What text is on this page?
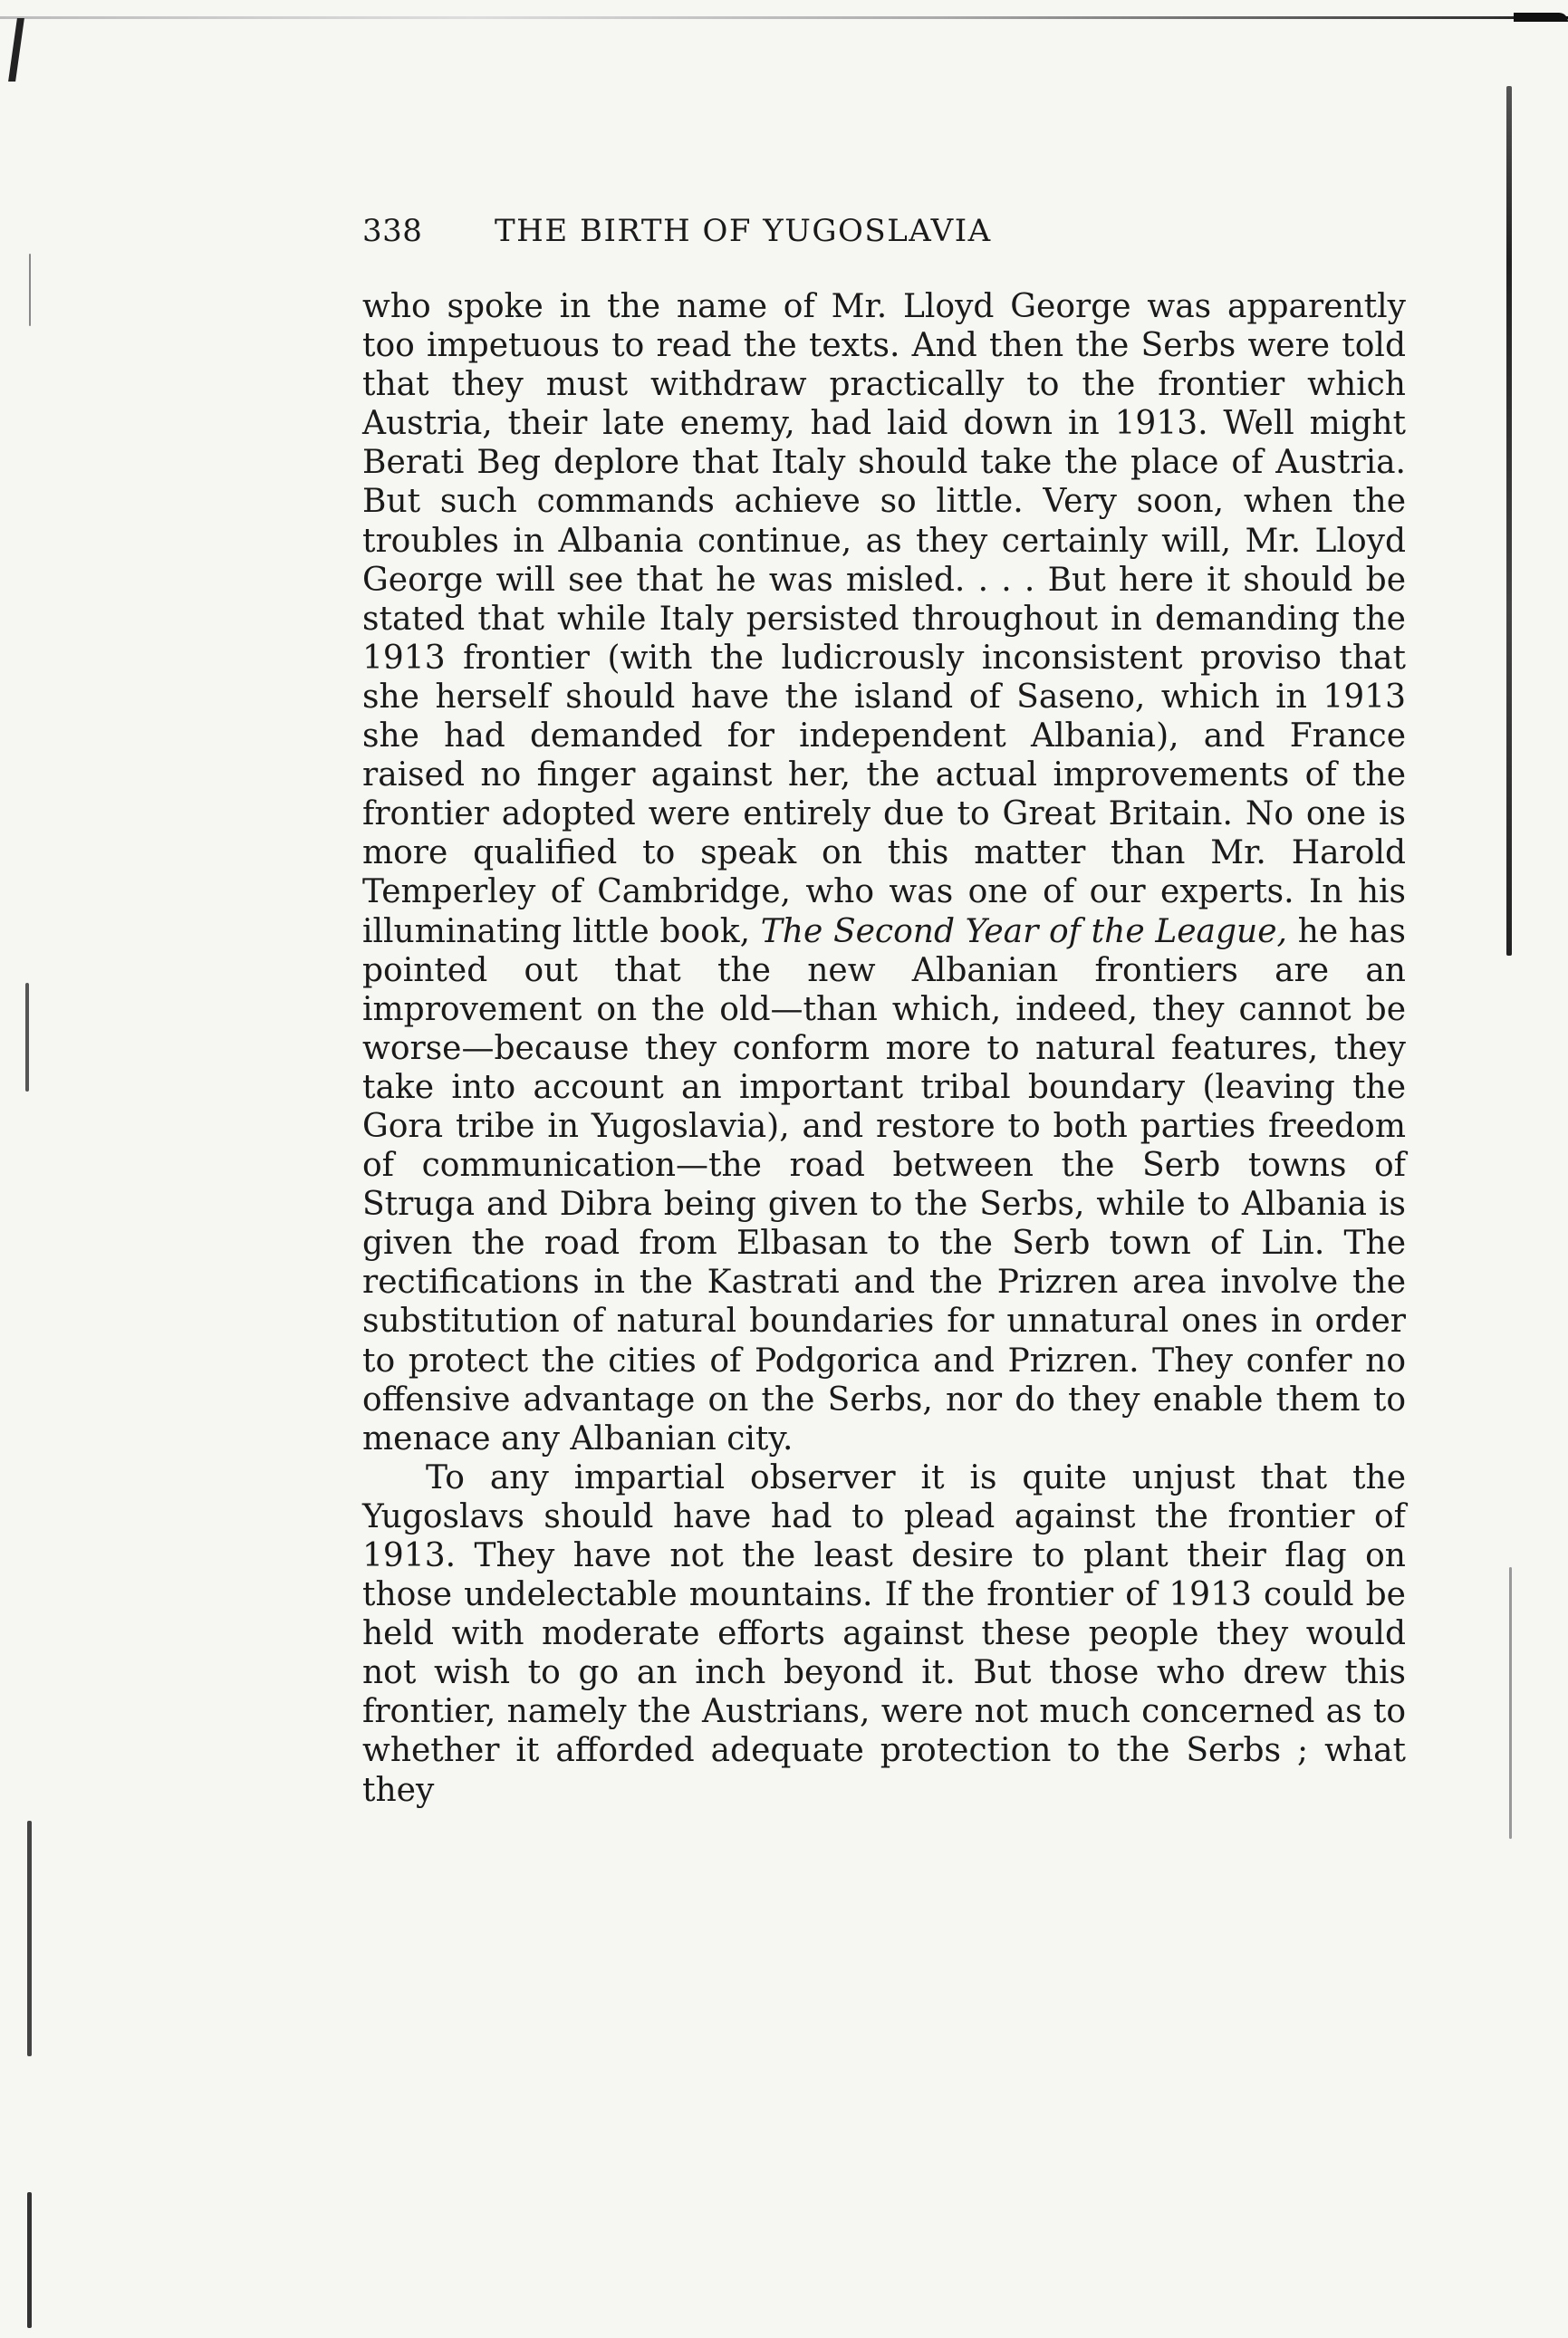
338	THE BIRTH OF YUGOSLAVIA

who spoke in the name of Mr. Lloyd George was apparently too impetuous to read the texts. And then the Serbs were told that they must withdraw practically to the frontier which Austria, their late enemy, had laid down in 1913. Well might Berati Beg deplore that Italy should take the place of Austria. But such commands achieve so little. Very soon, when the troubles in Albania continue, as they certainly will, Mr. Lloyd George will see that he was misled. . . . But here it should be stated that while Italy persisted throughout in demanding the 1913 frontier (with the ludicrously inconsistent proviso that she herself should have the island of Saseno, which in 1913 she had demanded for independent Albania), and France raised no finger against her, the actual improvements of the frontier adopted were entirely due to Great Britain. No one is more qualified to speak on this matter than Mr. Harold Temperley of Cambridge, who was one of our experts. In his illuminating little book, The Second Year of the League, he has pointed out that the new Albanian frontiers are an improvement on the old—than which, indeed, they cannot be worse—because they conform more to natural features, they take into account an important tribal boundary (leaving the Gora tribe in Yugoslavia), and restore to both parties freedom of communication—the road between the Serb towns of Struga and Dibra being given to the Serbs, while to Albania is given the road from Elbasan to the Serb town of Lin. The rectifications in the Kastrati and the Prizren area involve the substitution of natural boundaries for unnatural ones in order to protect the cities of Podgorica and Prizren. They confer no offensive advantage on the Serbs, nor do they enable them to menace any Albanian city.

To any impartial observer it is quite unjust that the Yugoslavs should have had to plead against the frontier of 1913. They have not the least desire to plant their flag on those undelectable mountains. If the frontier of 1913 could be held with moderate efforts against these people they would not wish to go an inch beyond it. But those who drew this frontier, namely the Austrians, were not much concerned as to whether it afforded adequate protection to the Serbs ; what they
